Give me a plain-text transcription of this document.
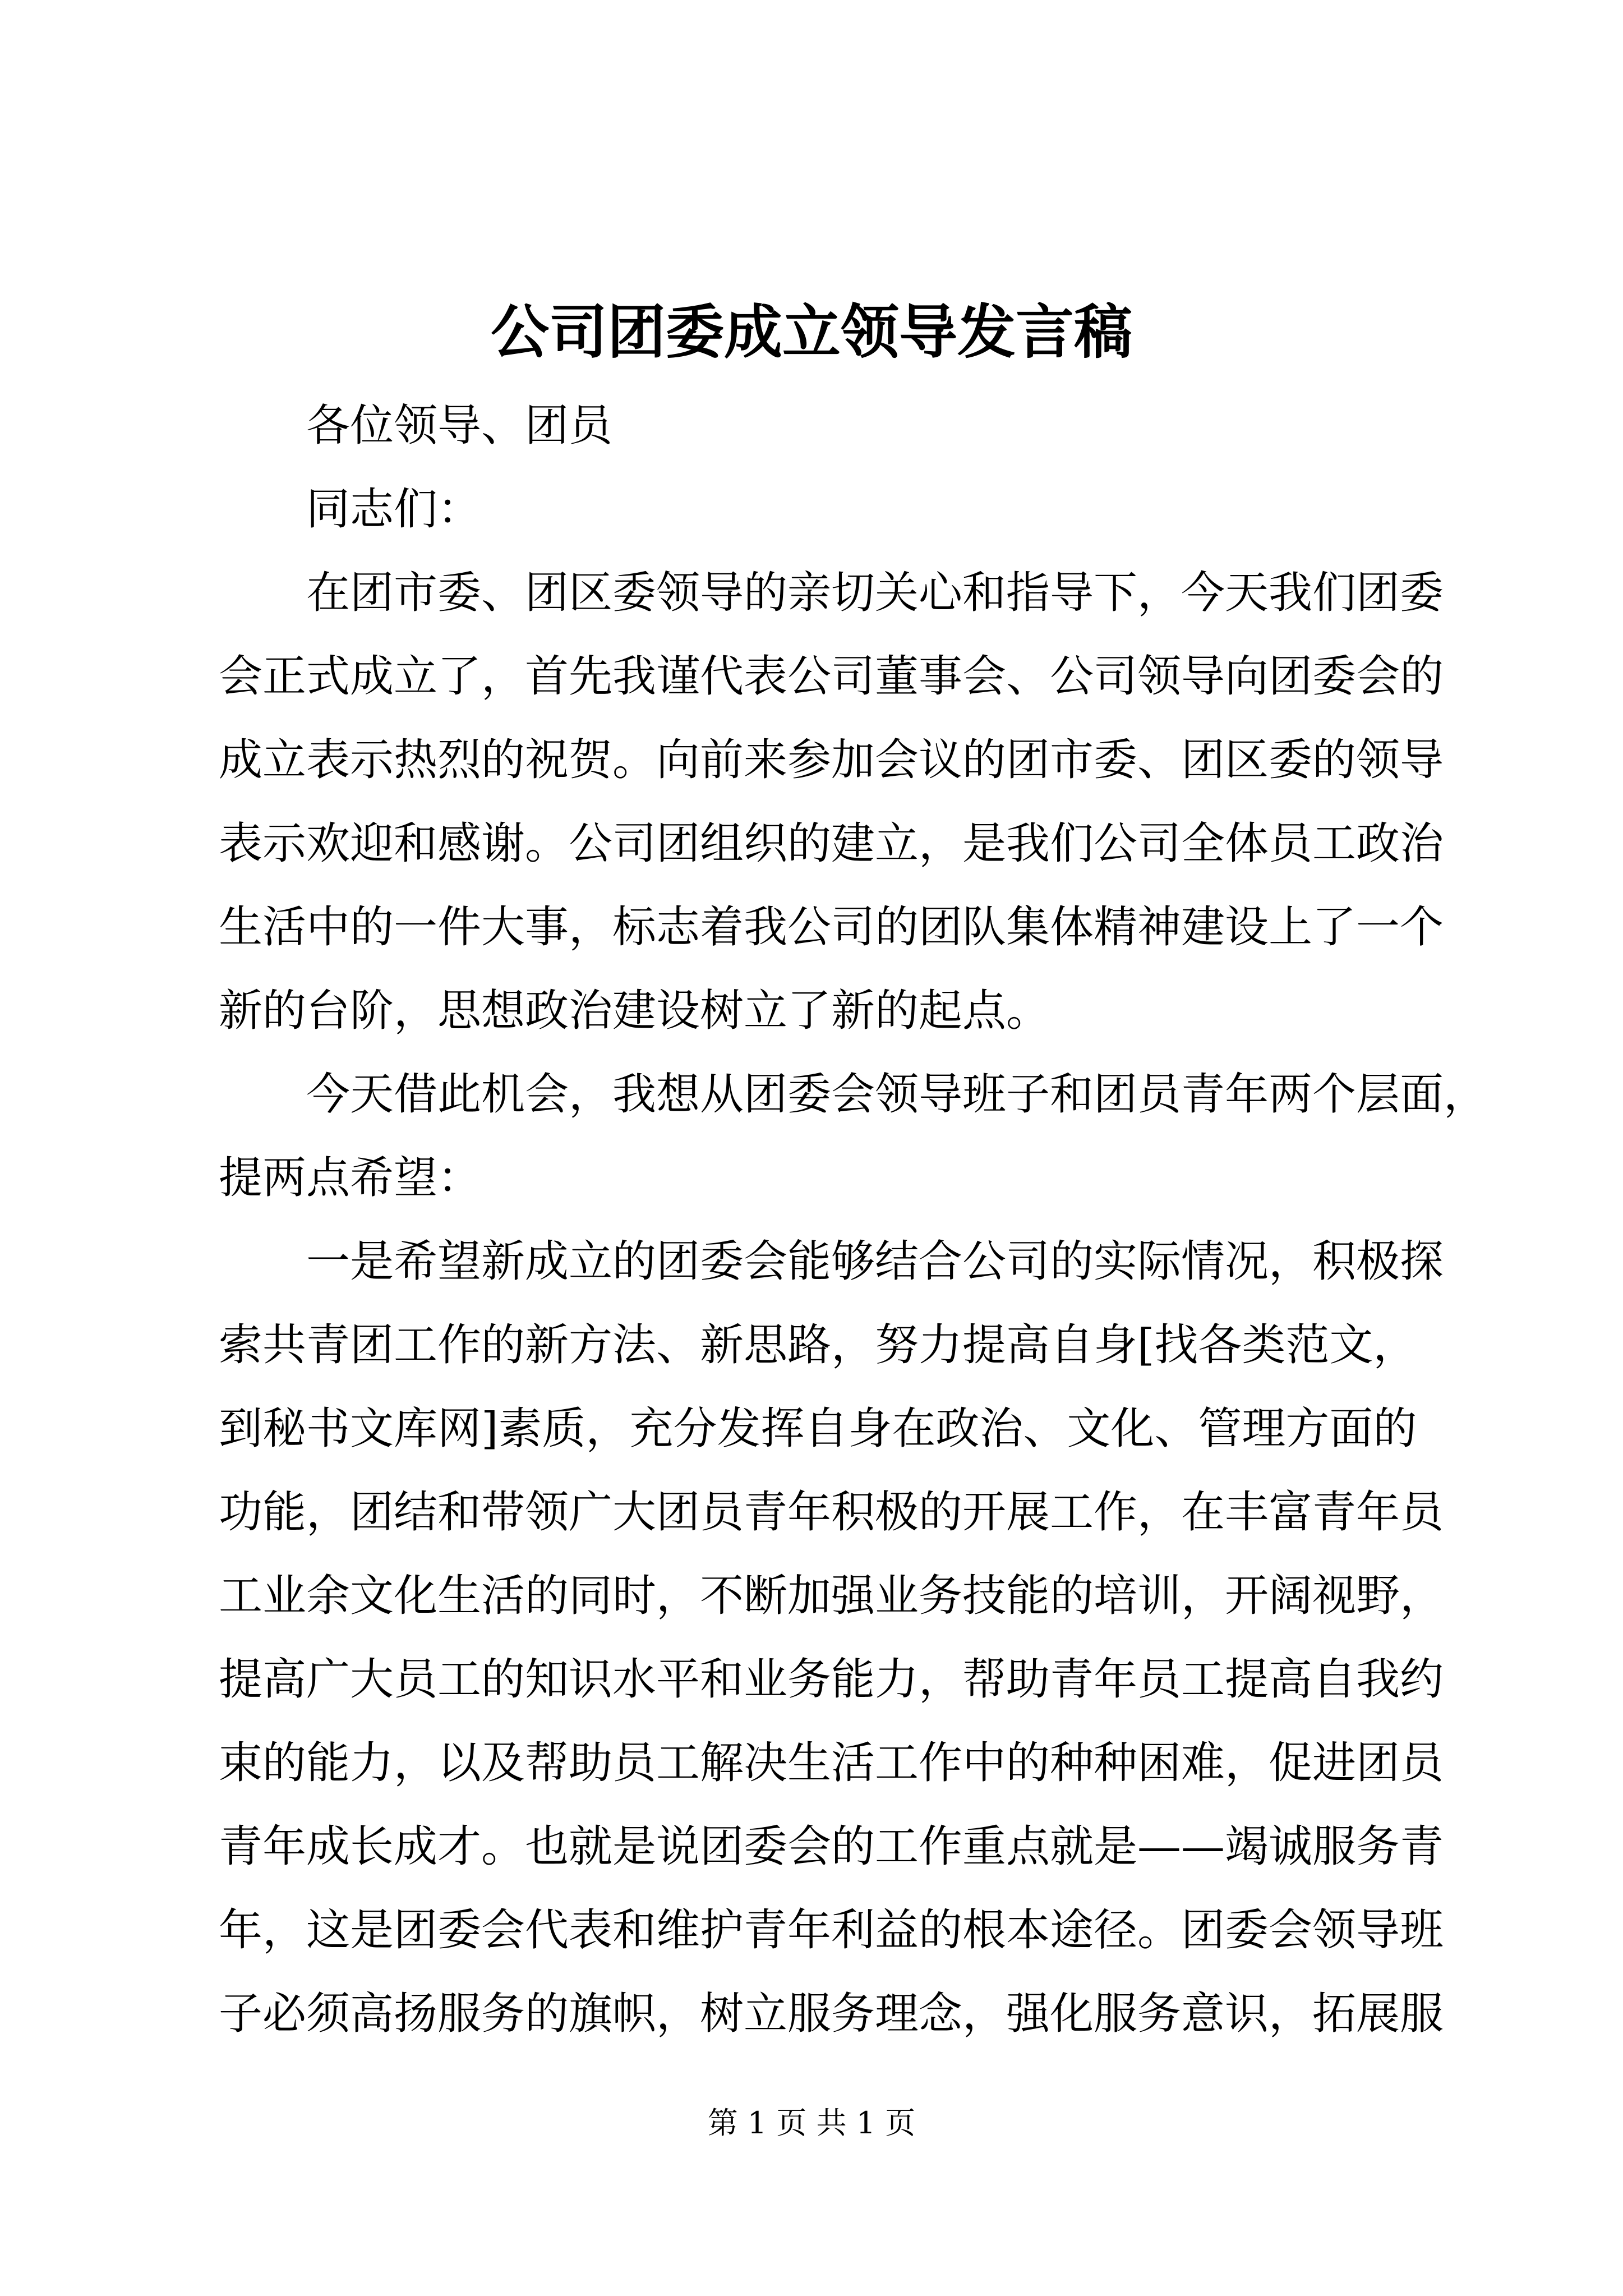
公司团委成立领导发言稿
　　各位领导、团员
　　同志们：
　　在团市委、团区委领导的亲切关心和指导下，今天我们团委
会正式成立了，首先我谨代表公司董事会、公司领导向团委会的
成立表示热烈的祝贺。向前来参加会议的团市委、团区委的领导
表示欢迎和感谢。公司团组织的建立，是我们公司全体员工政治
生活中的一件大事，标志着我公司的团队集体精神建设上了一个
新的台阶，思想政治建设树立了新的起点。
　　今天借此机会，我想从团委会领导班子和团员青年两个层面，
提两点希望：
　　一是希望新成立的团委会能够结合公司的实际情况，积极探
索共青团工作的新方法、新思路，努力提高自身[找各类范文，
到秘书文库网]素质，充分发挥自身在政治、文化、管理方面的
功能，团结和带领广大团员青年积极的开展工作，在丰富青年员
工业余文化生活的同时，不断加强业务技能的培训，开阔视野，
提高广大员工的知识水平和业务能力，帮助青年员工提高自我约
束的能力，以及帮助员工解决生活工作中的种种困难，促进团员
青年成长成才。也就是说团委会的工作重点就是——竭诚服务青
年，这是团委会代表和维护青年利益的根本途径。团委会领导班
子必须高扬服务的旗帜，树立服务理念，强化服务意识，拓展服
第 1 页 共 1 页
